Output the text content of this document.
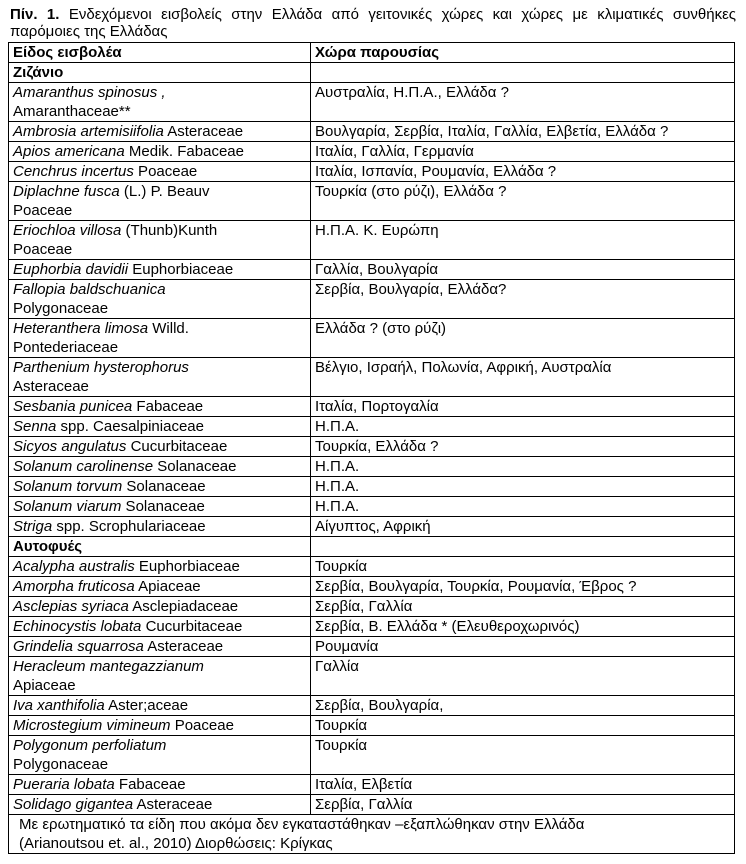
Πίν. 1. Ενδεχόμενοι εισβολείς στην Ελλάδα από γειτονικές χώρες και χώρες με κλιματικές συνθήκες παρόμοιες της Ελλάδας
Είδος εισβολέα	Χώρα παρουσίας
Ζιζάνιο	
Amaranthus spinosus ,
Amaranthaceae**	Αυστραλία, Η.Π.Α., Ελλάδα ?
Ambrosia artemisiifolia Asteraceae	Βουλγαρία, Σερβία, Ιταλία, Γαλλία, Ελβετία, Ελλάδα ?
Apios americana Medik. Fabaceae	Ιταλία, Γαλλία, Γερμανία
Cenchrus incertus Poaceae	Ιταλία, Ισπανία, Ρουμανία, Ελλάδα ?
Diplachne fusca (L.) P. Beauv
Poaceae	Τουρκία (στο ρύζι), Ελλάδα ?
Eriochloa villosa (Thunb)Kunth
Poaceae	Η.Π.Α. Κ. Ευρώπη
Euphorbia davidii Euphorbiaceae	Γαλλία, Βουλγαρία
Fallopia baldschuanica
Polygonaceae	Σερβία, Βουλγαρία, Ελλάδα?
Heteranthera limosa Willd.
Pontederiaceae	Ελλάδα ? (στο ρύζι)
Parthenium hysterophorus
Asteraceae	Βέλγιο, Ισραήλ, Πολωνία, Αφρική, Αυστραλία
Sesbania punicea Fabaceae	Ιταλία, Πορτογαλία
Senna spp. Caesalpiniaceae	Η.Π.Α.
Sicyos angulatus Cucurbitaceae	Τουρκία, Ελλάδα ?
Solanum carolinense Solanaceae	Η.Π.Α.
Solanum torvum Solanaceae	Η.Π.Α.
Solanum viarum Solanaceae	Η.Π.Α.
Striga spp. Scrophulariaceae	Αίγυπτος, Αφρική
Αυτοφυές	
Acalypha australis Euphorbiaceae	Τουρκία
Amorpha fruticosa Apiaceae	Σερβία, Βουλγαρία, Τουρκία, Ρουμανία, Έβρος ?
Asclepias syriaca Asclepiadaceae	Σερβία, Γαλλία
Echinocystis lobata Cucurbitaceae	Σερβία, Β. Ελλάδα * (Ελευθεροχωρινός)
Grindelia squarrosa Asteraceae	Ρουμανία
Heracleum mantegazzianum
Apiaceae	Γαλλία
Iva xanthifolia Aster;aceae	Σερβία, Βουλγαρία,
Microstegium vimineum Poaceae	Τουρκία
Polygonum perfoliatum
Polygonaceae	Τουρκία
Pueraria lobata Fabaceae	Ιταλία, Ελβετία
Solidago gigantea Asteraceae	Σερβία, Γαλλία
Με ερωτηματικό τα είδη που ακόμα δεν εγκαταστάθηκαν –εξαπλώθηκαν στην Ελλάδα
(Arianoutsou et. al., 2010) Διορθώσεις: Κρίγκας	
